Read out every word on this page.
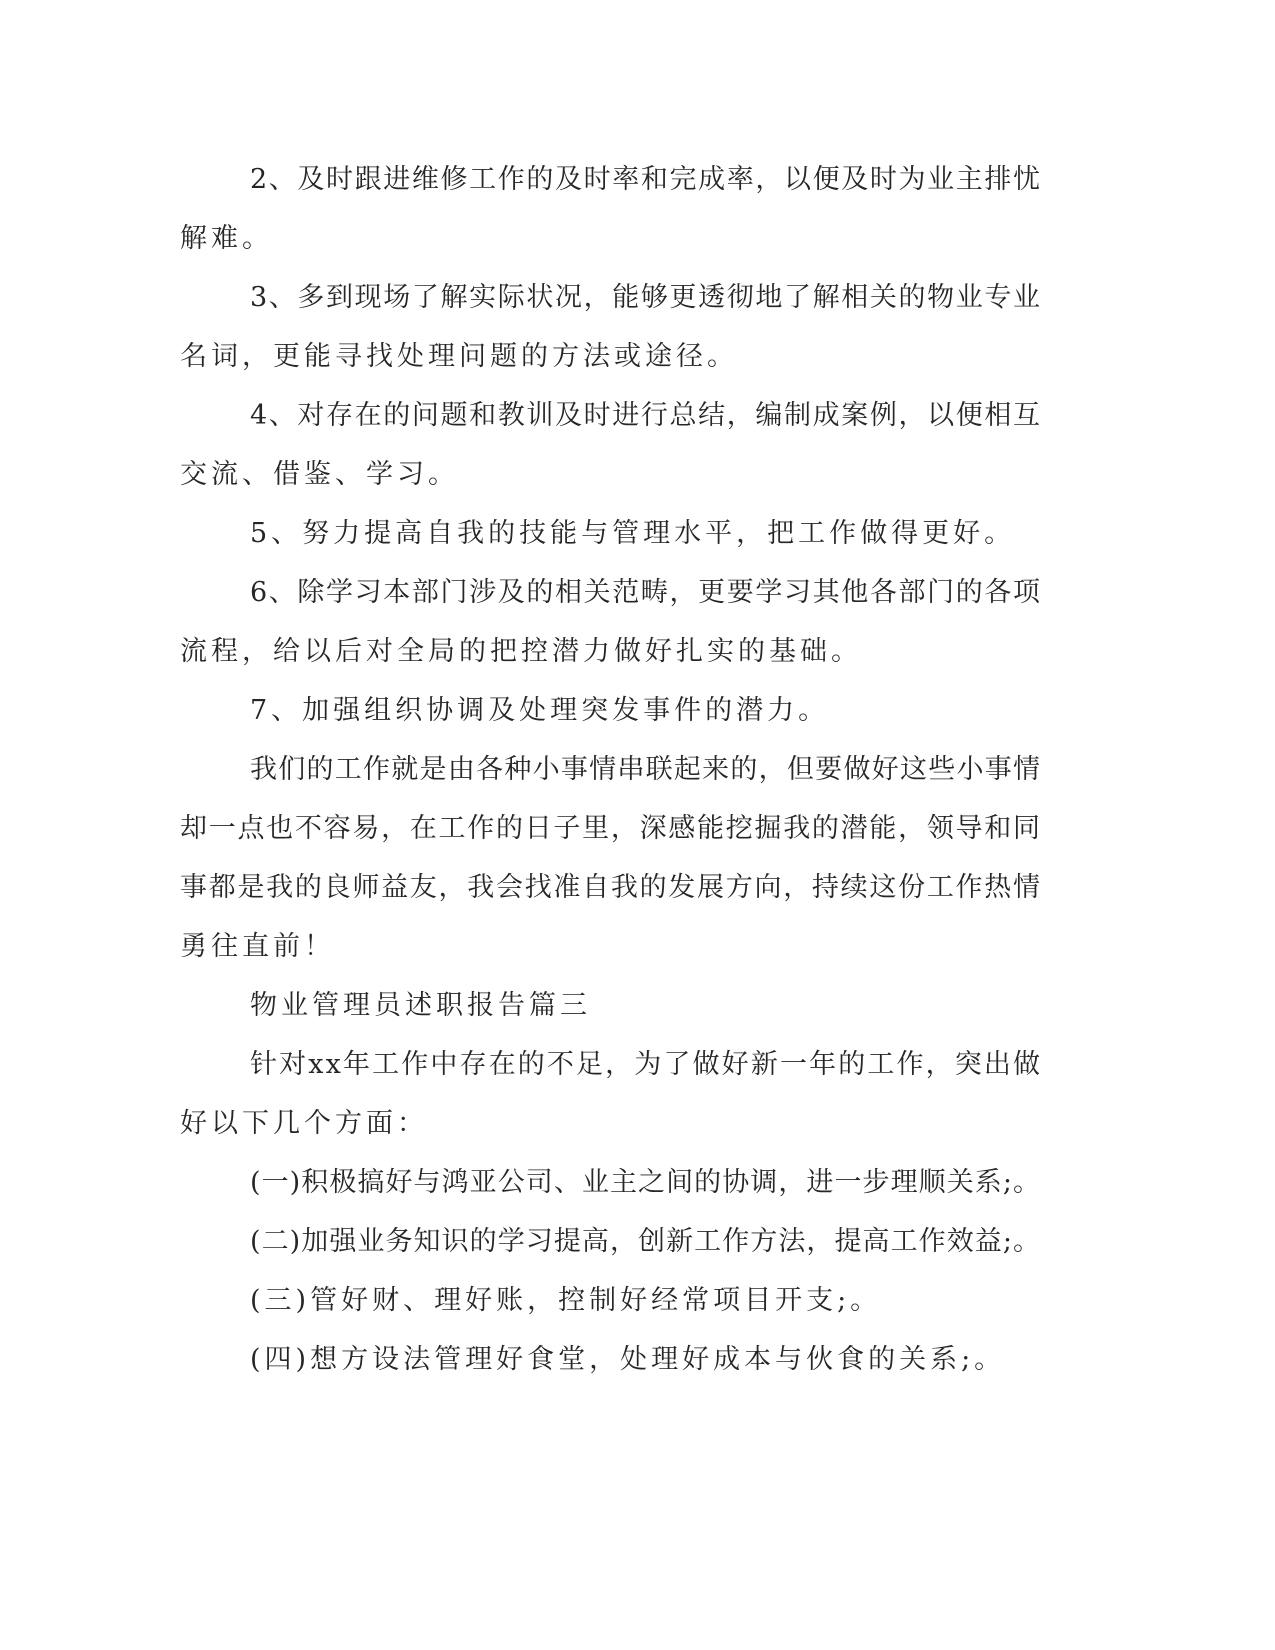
2、及时跟进维修工作的及时率和完成率，以便及时为业主排忧
解难。
3、多到现场了解实际状况，能够更透彻地了解相关的物业专业
名词，更能寻找处理问题的方法或途径。
4、对存在的问题和教训及时进行总结，编制成案例，以便相互
交流、借鉴、学习。
5、努力提高自我的技能与管理水平，把工作做得更好。
6、除学习本部门涉及的相关范畴，更要学习其他各部门的各项
流程，给以后对全局的把控潜力做好扎实的基础。
7、加强组织协调及处理突发事件的潜力。
我们的工作就是由各种小事情串联起来的，但要做好这些小事情
却一点也不容易，在工作的日子里，深感能挖掘我的潜能，领导和同
事都是我的良师益友，我会找准自我的发展方向，持续这份工作热情
勇往直前！
物业管理员述职报告篇三
针对xx年工作中存在的不足，为了做好新一年的工作，突出做
好以下几个方面：
(一)积极搞好与鸿亚公司、业主之间的协调，进一步理顺关系;。
(二)加强业务知识的学习提高，创新工作方法，提高工作效益;。
(三)管好财、理好账，控制好经常项目开支;。
(四)想方设法管理好食堂，处理好成本与伙食的关系;。
